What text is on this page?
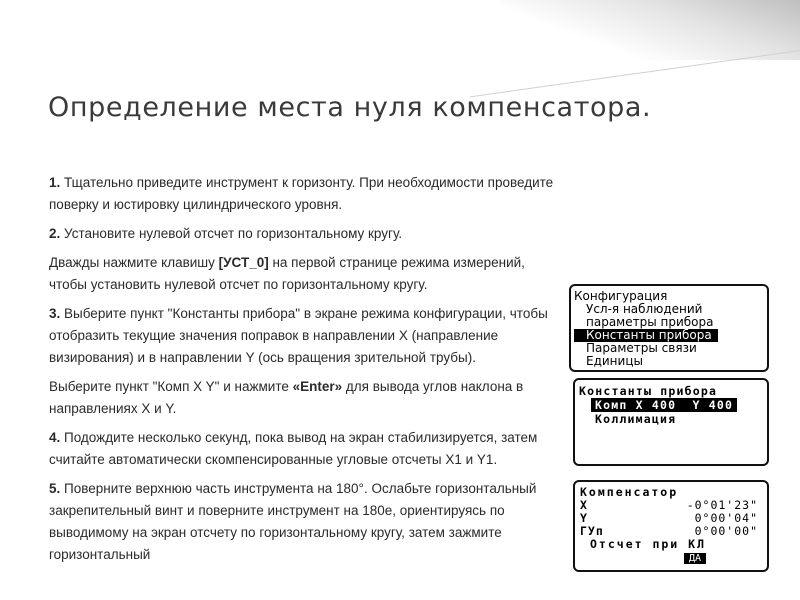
Определение места нуля компенсатора.

1. Тщательно приведите инструмент к горизонту. При необходимости проведите поверку и юстировку цилиндрического уровня.

2. Установите нулевой отсчет по горизонтальному кругу.

Дважды нажмите клавишу [УСТ_0] на первой странице режима измерений, чтобы установить нулевой отсчет по горизонтальному кругу.

3. Выберите пункт "Константы прибора" в экране режима конфигурации, чтобы отобразить текущие значения поправок в направлении X (направление визирования) и в направлении Y (ось вращения зрительной трубы).

Выберите пункт "Комп X Y" и нажмите «Enter» для вывода углов наклона в направлениях X и Y.

4. Подождите несколько секунд, пока вывод на экран стабилизируется, затем считайте автоматически скомпенсированные угловые отсчеты X1 и Y1.

5. Поверните верхнюю часть инструмента на 180°. Ослабьте горизонтальный закрепительный винт и поверните инструмент на 180е, ориентируясь по выводимому на экран отсчету по горизонтальному кругу, затем зажмите горизонтальный

Конфигурация
Усл-я наблюдений
параметры прибора
Константы прибора
Параметры связи
Единицы
Константы прибора
Комп X 400  Y 400
Коллимация
Компенсатор
X	-0°01'23"
Y	0°00'04"
ГУп	0°00'00"
Отсчет при КЛ
ДА
